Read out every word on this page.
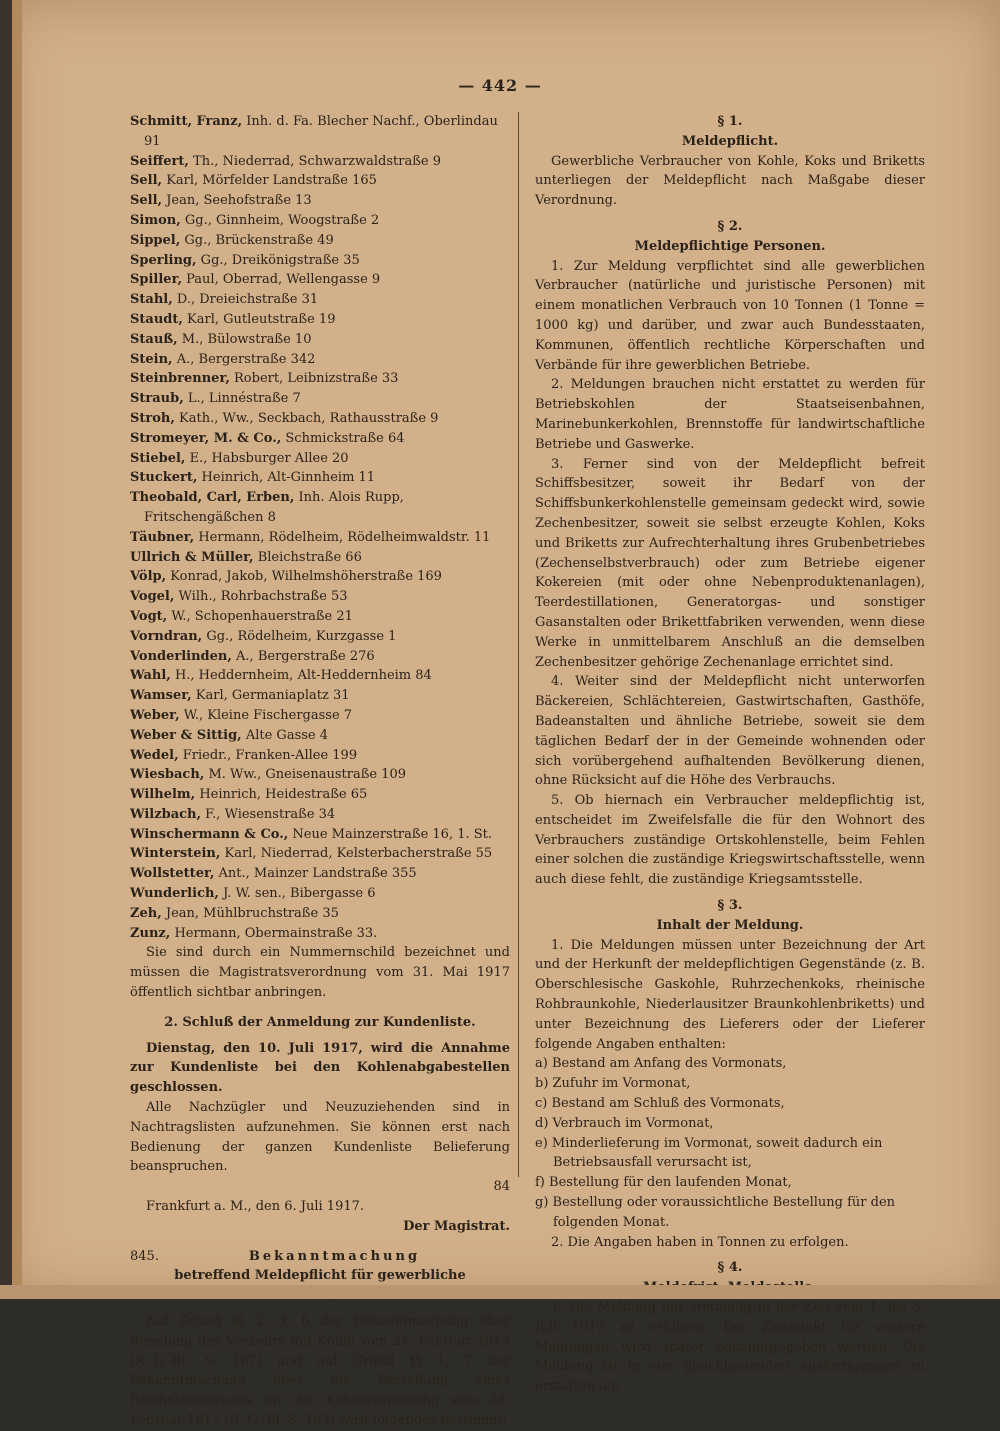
— 442 —
Schmitt, Franz, Inh. d. Fa. Blecher Nachf., Oberlindau 91
Seiffert, Th., Niederrad, Schwarzwaldstraße 9
Sell, Karl, Mörfelder Landstraße 165
Sell, Jean, Seehofstraße 13
Simon, Gg., Ginnheim, Woogstraße 2
Sippel, Gg., Brückenstraße 49
Sperling, Gg., Dreikönigstraße 35
Spiller, Paul, Oberrad, Wellengasse 9
Stahl, D., Dreieichstraße 31
Staudt, Karl, Gutleutstraße 19
Stauß, M., Bülowstraße 10
Stein, A., Bergerstraße 342
Steinbrenner, Robert, Leibnizstraße 33
Straub, L., Linnéstraße 7
Stroh, Kath., Ww., Seckbach, Rathausstraße 9
Stromeyer, M. & Co., Schmickstraße 64
Stiebel, E., Habsburger Allee 20
Stuckert, Heinrich, Alt-Ginnheim 11
Theobald, Carl, Erben, Inh. Alois Rupp, Fritschengäßchen 8
Täubner, Hermann, Rödelheim, Rödelheimwaldstr. 11
Ullrich & Müller, Bleichstraße 66
Völp, Konrad, Jakob, Wilhelmshöherstraße 169
Vogel, Wilh., Rohrbachstraße 53
Vogt, W., Schopenhauerstraße 21
Vorndran, Gg., Rödelheim, Kurzgasse 1
Vonderlinden, A., Bergerstraße 276
Wahl, H., Heddernheim, Alt-Heddernheim 84
Wamser, Karl, Germaniaplatz 31
Weber, W., Kleine Fischergasse 7
Weber & Sittig, Alte Gasse 4
Wedel, Friedr., Franken-Allee 199
Wiesbach, M. Ww., Gneisenaustraße 109
Wilhelm, Heinrich, Heidestraße 65
Wilzbach, F., Wiesenstraße 34
Winschermann & Co., Neue Mainzerstraße 16, 1. St.
Winterstein, Karl, Niederrad, Kelsterbacherstraße 55
Wollstetter, Ant., Mainzer Landstraße 355
Wunderlich, J. W. sen., Bibergasse 6
Zeh, Jean, Mühlbruchstraße 35
Zunz, Hermann, Obermainstraße 33.
Sie sind durch ein Nummernschild bezeichnet und müssen die Magistratsverordnung vom 31. Mai 1917 öffentlich sichtbar anbringen.
2. Schluß der Anmeldung zur Kundenliste.
Dienstag, den 10. Juli 1917, wird die Annahme zur Kundenliste bei den Kohlenabgabestellen geschlossen.
Alle Nachzügler und Neuzuziehenden sind in Nachtragslisten aufzunehmen. Sie können erst nach Bedienung der ganzen Kundenliste Belieferung beanspruchen.
84
Frankfurt a. M., den 6. Juli 1917.
Der Magistrat.
845.	Bekanntmachung
betreffend Meldepflicht für gewerbliche
Auf Grund §§ 2, 3, 6 der Bekanntmachung über Regelung des Verkehrs mit Kohle vom 24. Februar 1917 (R.-G.-Bl. S. 167) und auf Grund §§ 1, 7 der Bekanntmachung über die Bestellung eines Reichskommissars für die Kohlenverteilung vom 28. Februar 1917 (R.-G.-Bl. S. 193) wird folgendes bestimmt:
§ 1.
Meldepflicht.
Gewerbliche Verbraucher von Kohle, Koks und Briketts unterliegen der Meldepflicht nach Maßgabe dieser Verordnung.
§ 2.
Meldepflichtige Personen.
1. Zur Meldung verpflichtet sind alle gewerblichen Verbraucher (natürliche und juristische Personen) mit einem monatlichen Verbrauch von 10 Tonnen (1 Tonne = 1000 kg) und darüber, und zwar auch Bundesstaaten, Kommunen, öffentlich rechtliche Körperschaften und Verbände für ihre gewerblichen Betriebe.
2. Meldungen brauchen nicht erstattet zu werden für Betriebskohlen der Staatseisenbahnen, Marinebunkerkohlen, Brennstoffe für landwirtschaftliche Betriebe und Gaswerke.
3. Ferner sind von der Meldepflicht befreit Schiffsbesitzer, soweit ihr Bedarf von der Schiffsbunkerkohlenstelle gemeinsam gedeckt wird, sowie Zechenbesitzer, soweit sie selbst erzeugte Kohlen, Koks und Briketts zur Aufrechterhaltung ihres Grubenbetriebes (Zechenselbstverbrauch) oder zum Betriebe eigener Kokereien (mit oder ohne Nebenproduktenanlagen), Teerdestillationen, Generatorgas- und sonstiger Gasanstalten oder Brikettfabriken verwenden, wenn diese Werke in unmittelbarem Anschluß an die demselben Zechenbesitzer gehörige Zechenanlage errichtet sind.
4. Weiter sind der Meldepflicht nicht unterworfen Bäckereien, Schlächtereien, Gastwirtschaften, Gasthöfe, Badeanstalten und ähnliche Betriebe, soweit sie dem täglichen Bedarf der in der Gemeinde wohnenden oder sich vorübergehend aufhaltenden Bevölkerung dienen, ohne Rücksicht auf die Höhe des Verbrauchs.
5. Ob hiernach ein Verbraucher meldepflichtig ist, entscheidet im Zweifelsfalle die für den Wohnort des Verbrauchers zuständige Ortskohlenstelle, beim Fehlen einer solchen die zuständige Kriegswirtschaftsstelle, wenn auch diese fehlt, die zuständige Kriegsamtsstelle.
§ 3.
Inhalt der Meldung.
1. Die Meldungen müssen unter Bezeichnung der Art und der Herkunft der meldepflichtigen Gegenstände (z. B. Oberschlesische Gaskohle, Ruhrzechenkoks, rheinische Rohbraunkohle, Niederlausitzer Braunkohlenbriketts) und unter Bezeichnung des Lieferers oder der Lieferer folgende Angaben enthalten:
a) Bestand am Anfang des Vormonats,
b) Zufuhr im Vormonat,
c) Bestand am Schluß des Vormonats,
d) Verbrauch im Vormonat,
e) Minderlieferung im Vormonat, soweit dadurch ein Betriebsausfall verursacht ist,
f) Bestellung für den laufenden Monat,
g) Bestellung oder voraussichtliche Bestellung für den folgenden Monat.
2. Die Angaben haben in Tonnen zu erfolgen.
§ 4.
1. Die Meldung hat erstmalig in der Zeit vom 1. bis 5. Juli 1917 zu erfolgen. Der Zeitpunkt für weitere Meldungen wird später bekanntgegeben werden. Die Meldung ist in vier gleichlautenden Ausfertigungen zu erstatten an:
